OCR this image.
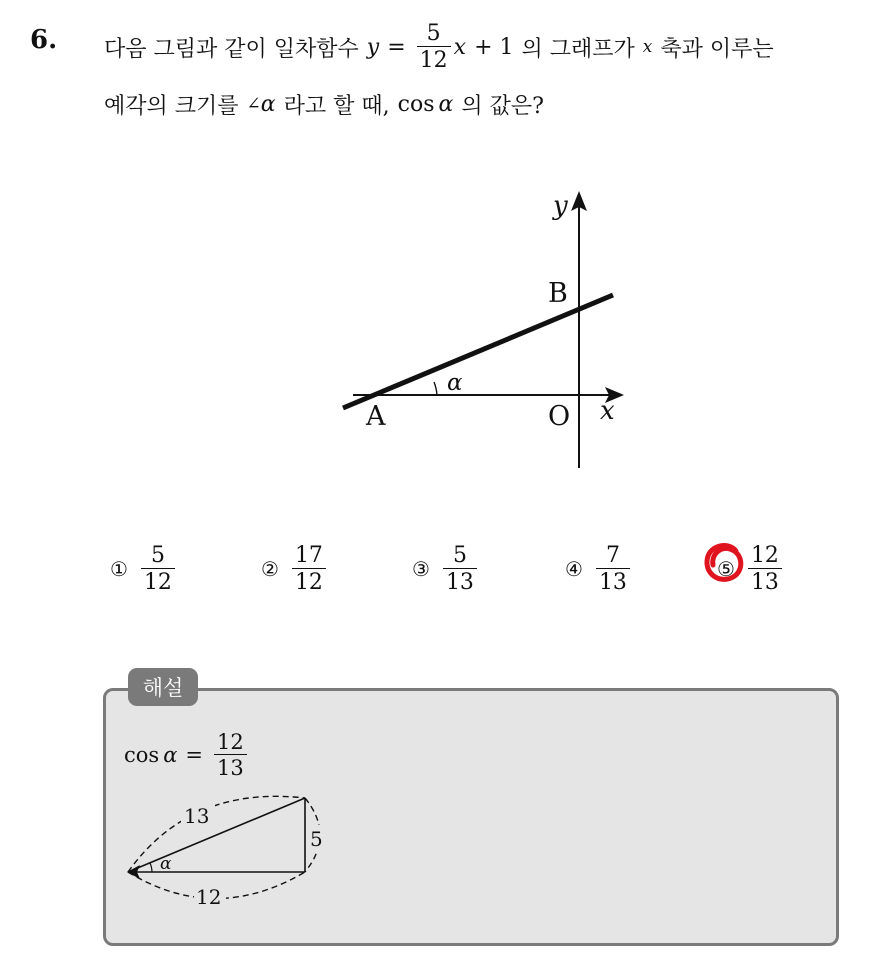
6. 다음 그림과 같이 일차함수 $y = \frac{5}{12}$ x + 1 의 그래프가 x 축과 이루는
예각의 크기를 ∠ α 라고 할 때, cos α 의 값은?
y
x
A
B
O
α
① $\frac{5}{12}$	② $\frac{17}{12}$	③ $\frac{5}{13}$	④ $\frac{7}{13}$	⑤ $\frac{12}{13}$
해설
$\cos \alpha = \frac{12}{13}$
13
5
12
α
